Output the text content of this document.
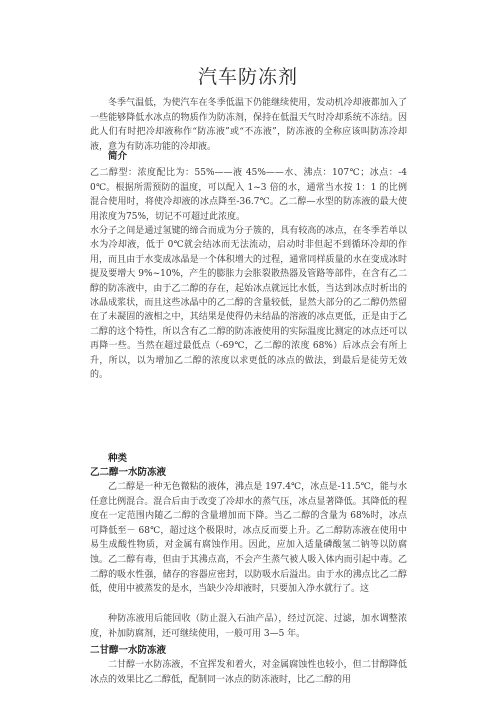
汽车防冻剂

冬季气温低，为使汽车在冬季低温下仍能继续使用，发动机冷却液都加入了一些能够降低水冰点的物质作为防冻剂，保持在低温天气时冷却系统不冻结。因此人们有时把冷却液称作“防冻液”或“不冻液”，防冻液的全称应该叫防冻冷却液，意为有防冻功能的冷却液。

简介

乙二醇型：浓度配比为：55%——液 45%——水、沸点：107℃；冰点：-40℃。根据所需预防的温度，可以配入 1~3 倍的水，通常当水按 1：1 的比例混合使用时，将使冷却液的冰点降至-36.7℃。乙二醇—水型的防冻液的最大使用浓度为75%，切记不可超过此浓度。

水分子之间是通过氢键的缔合而成为分子簇的，具有较高的冰点，在冬季若单以水为冷却液，低于 0℃就会结冰而无法流动，启动时非但起不到循环冷却的作用，而且由于水变成冰晶是一个体积增大的过程，通常同样质量的水在变成冰时提及要增大 9%~10%，产生的膨胀力会胀裂散热器及管路等部件，在含有乙二醇的防冻液中，由于乙二醇的存在，起始冰点就远比水低，当达到冰点时析出的冰晶成浆状，而且这些冰晶中的乙二醇的含量较低，显然大部分的乙二醇仍然留在了未凝固的液相之中，其结果是使得仍未结晶的溶液的冰点更低，正是由于乙二醇的这个特性，所以含有乙二醇的防冻液使用的实际温度比测定的冰点还可以再降一些。当然在超过最低点（-69℃，乙二醇的浓度 68%）后冰点会有所上升，所以，以为增加乙二醇的浓度以求更低的冰点的做法，到最后是徒劳无效的。

种类

乙二醇一水防冻液

乙二醇是一种无色微粘的液体，沸点是 197.4℃，冰点是-11.5℃，能与水任意比例混合。混合后由于改变了冷却水的蒸气压，冰点显著降低。其降低的程度在一定范围内随乙二醇的含量增加而下降。当乙二醇的含量为 68%时，冰点可降低至－ 68℃，超过这个极限时，冰点反而要上升。乙二醇防冻液在使用中易生成酸性物质，对金属有腐蚀作用。因此，应加入适量磷酸氢二钠等以防腐蚀。乙二醇有毒，但由于其沸点高，不会产生蒸气被人吸入体内而引起中毒。乙二醇的吸水性强，储存的容器应密封，以防吸水后溢出。由于水的沸点比乙二醇低，使用中被蒸发的是水，当缺少冷却液时，只要加入净水就行了。这

种防冻液用后能回收（防止混入石油产品），经过沉淀、过滤，加水调整浓度，补加防腐剂，还可继续使用，一般可用 3—5 年。

二甘醇一水防冻液

二甘醇一水防冻液，不宜挥发和着火，对金属腐蚀性也较小，但二甘醇降低冰点的效果比乙二醇低，配制同一冰点的防冻液时，比乙二醇的用
